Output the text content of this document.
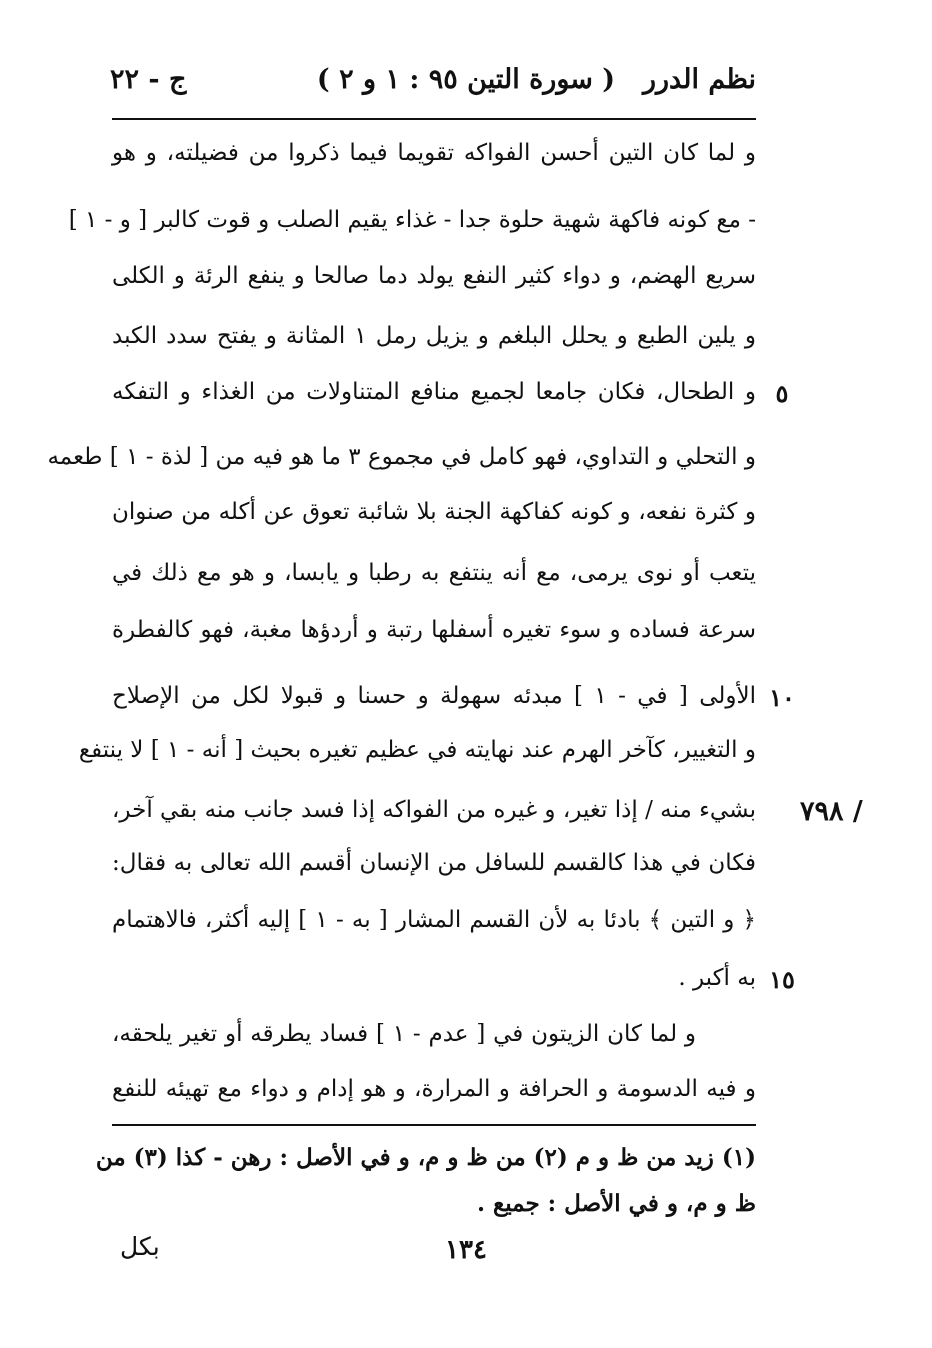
ج - ٢٢	( سورة التين ٩٥ : ١ و ٢ )	نظم الدرر
و لما كان التين أحسن الفواكه تقويما فيما ذكروا من فضيلته، و هو
- مع كونه فاكهة شهية حلوة جدا - غذاء يقيم الصلب و قوت كالبر [ و - ١ ]
سريع الهضم، و دواء كثير النفع يولد دما صالحا و ينفع الرئة و الكلى
و يلين الطبع و يحلل البلغم و يزيل رمل ١ المثانة و يفتح سدد الكبد
و الطحال، فكان جامعا لجميع منافع المتناولات من الغذاء و التفكه
و التحلي و التداوي، فهو كامل في مجموع ٣ ما هو فيه من [ لذة - ١ ] طعمه
و كثرة نفعه، و كونه كفاكهة الجنة بلا شائبة تعوق عن أكله من صنوان
يتعب أو نوى يرمى، مع أنه ينتفع به رطبا و يابسا، و هو مع ذلك في
سرعة فساده و سوء تغيره أسفلها رتبة و أردؤها مغبة، فهو كالفطرة
الأولى [ في - ١ ] مبدئه سهولة و حسنا و قبولا لكل من الإصلاح
و التغيير، كآخر الهرم عند نهايته في عظيم تغيره بحيث [ أنه - ١ ] لا ينتفع
بشيء منه / إذا تغير، و غيره من الفواكه إذا فسد جانب منه بقي آخر،
فكان في هذا كالقسم للسافل من الإنسان أقسم الله تعالى به فقال:
﴿ و التين ﴾ بادئا به لأن القسم المشار [ به - ١ ] إليه أكثر، فالاهتمام
به أكبر .
و لما كان الزيتون في [ عدم - ١ ] فساد يطرقه أو تغير يلحقه،
و فيه الدسومة و الحرافة و المرارة، و هو إدام و دواء مع تهيئه للنفع
٥
١٠
١٥
/ ٧٩٨
(١) زيد من ظ و م (٢) من ظ و م، و في الأصل : رهن - كذا (٣) من
ظ و م، و في الأصل : جميع .
١٣٤
بكل
